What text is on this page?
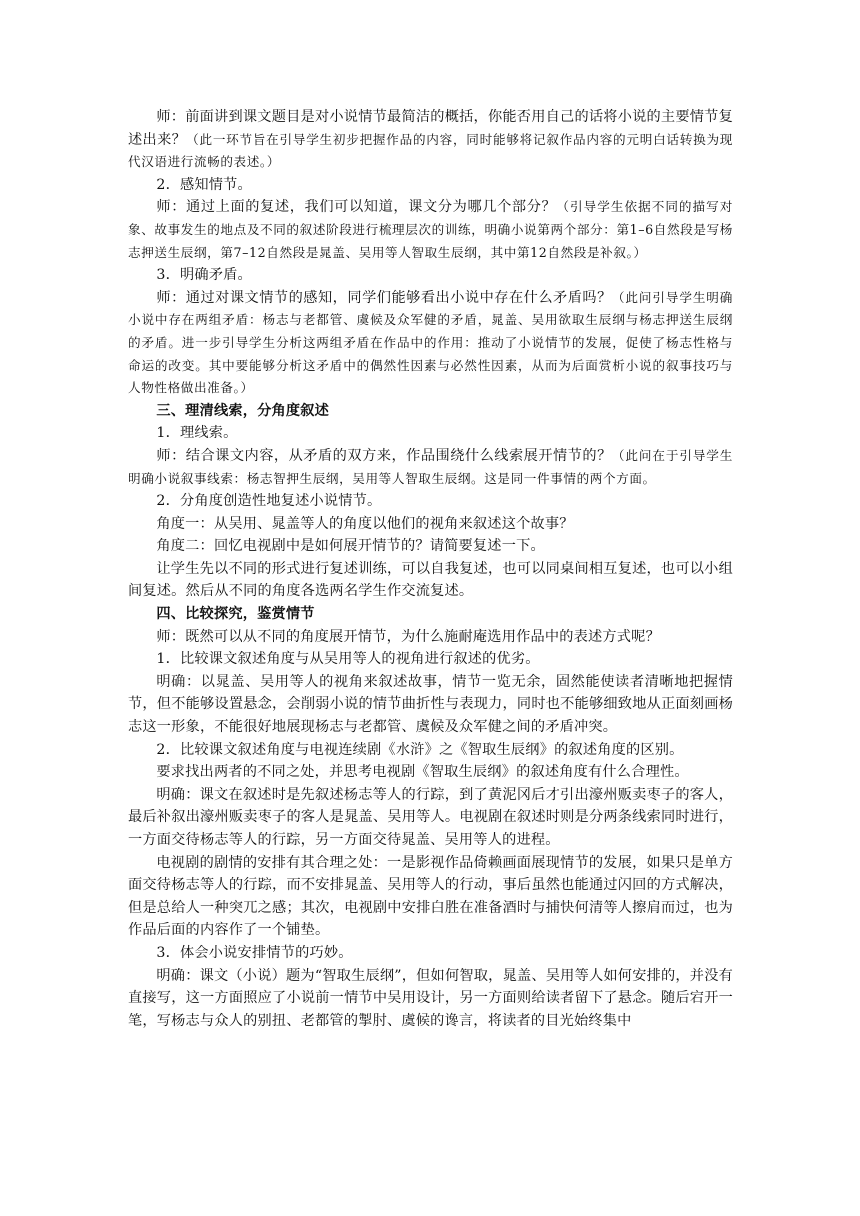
师：前面讲到课文题目是对小说情节最简洁的概括，你能否用自己的话将小说的主要情节复述出来？（此一环节旨在引导学生初步把握作品的内容，同时能够将记叙作品内容的元明白话转换为现代汉语进行流畅的表述。）

2．感知情节。

师：通过上面的复述，我们可以知道，课文分为哪几个部分？（引导学生依据不同的描写对象、故事发生的地点及不同的叙述阶段进行梳理层次的训练，明确小说第两个部分：第1–6自然段是写杨志押送生辰纲，第7–12自然段是晁盖、吴用等人智取生辰纲，其中第12自然段是补叙。）

3．明确矛盾。

师：通过对课文情节的感知，同学们能够看出小说中存在什么矛盾吗？（此问引导学生明确小说中存在两组矛盾：杨志与老都管、虞候及众军健的矛盾，晁盖、吴用欲取生辰纲与杨志押送生辰纲的矛盾。进一步引导学生分析这两组矛盾在作品中的作用：推动了小说情节的发展，促使了杨志性格与命运的改变。其中要能够分析这矛盾中的偶然性因素与必然性因素，从而为后面赏析小说的叙事技巧与人物性格做出准备。）

三、理清线索，分角度叙述

1．理线索。

师：结合课文内容，从矛盾的双方来，作品围绕什么线索展开情节的？（此问在于引导学生明确小说叙事线索：杨志智押生辰纲，吴用等人智取生辰纲。这是同一件事情的两个方面。

2．分角度创造性地复述小说情节。

角度一：从吴用、晁盖等人的角度以他们的视角来叙述这个故事？

角度二：回忆电视剧中是如何展开情节的？请简要复述一下。

让学生先以不同的形式进行复述训练，可以自我复述，也可以同桌间相互复述，也可以小组间复述。然后从不同的角度各选两名学生作交流复述。

四、比较探究，鉴赏情节

师：既然可以从不同的角度展开情节，为什么施耐庵选用作品中的表述方式呢？

1．比较课文叙述角度与从吴用等人的视角进行叙述的优劣。

明确：以晁盖、吴用等人的视角来叙述故事，情节一览无余，固然能使读者清晰地把握情节，但不能够设置悬念，会削弱小说的情节曲折性与表现力，同时也不能够细致地从正面刻画杨志这一形象，不能很好地展现杨志与老都管、虞候及众军健之间的矛盾冲突。

2．比较课文叙述角度与电视连续剧《水浒》之《智取生辰纲》的叙述角度的区别。

要求找出两者的不同之处，并思考电视剧《智取生辰纲》的叙述角度有什么合理性。

明确：课文在叙述时是先叙述杨志等人的行踪，到了黄泥冈后才引出濠州贩卖枣子的客人，最后补叙出濠州贩卖枣子的客人是晁盖、吴用等人。电视剧在叙述时则是分两条线索同时进行，一方面交待杨志等人的行踪，另一方面交待晁盖、吴用等人的进程。

电视剧的剧情的安排有其合理之处：一是影视作品倚赖画面展现情节的发展，如果只是单方面交待杨志等人的行踪，而不安排晁盖、吴用等人的行动，事后虽然也能通过闪回的方式解决，但是总给人一种突兀之感；其次，电视剧中安排白胜在准备酒时与捕快何清等人擦肩而过，也为作品后面的内容作了一个铺垫。

3．体会小说安排情节的巧妙。

明确：课文（小说）题为“智取生辰纲”，但如何智取，晁盖、吴用等人如何安排的，并没有直接写，这一方面照应了小说前一情节中吴用设计，另一方面则给读者留下了悬念。随后宕开一笔，写杨志与众人的别扭、老都管的掣肘、虞候的谗言，将读者的目光始终集中
